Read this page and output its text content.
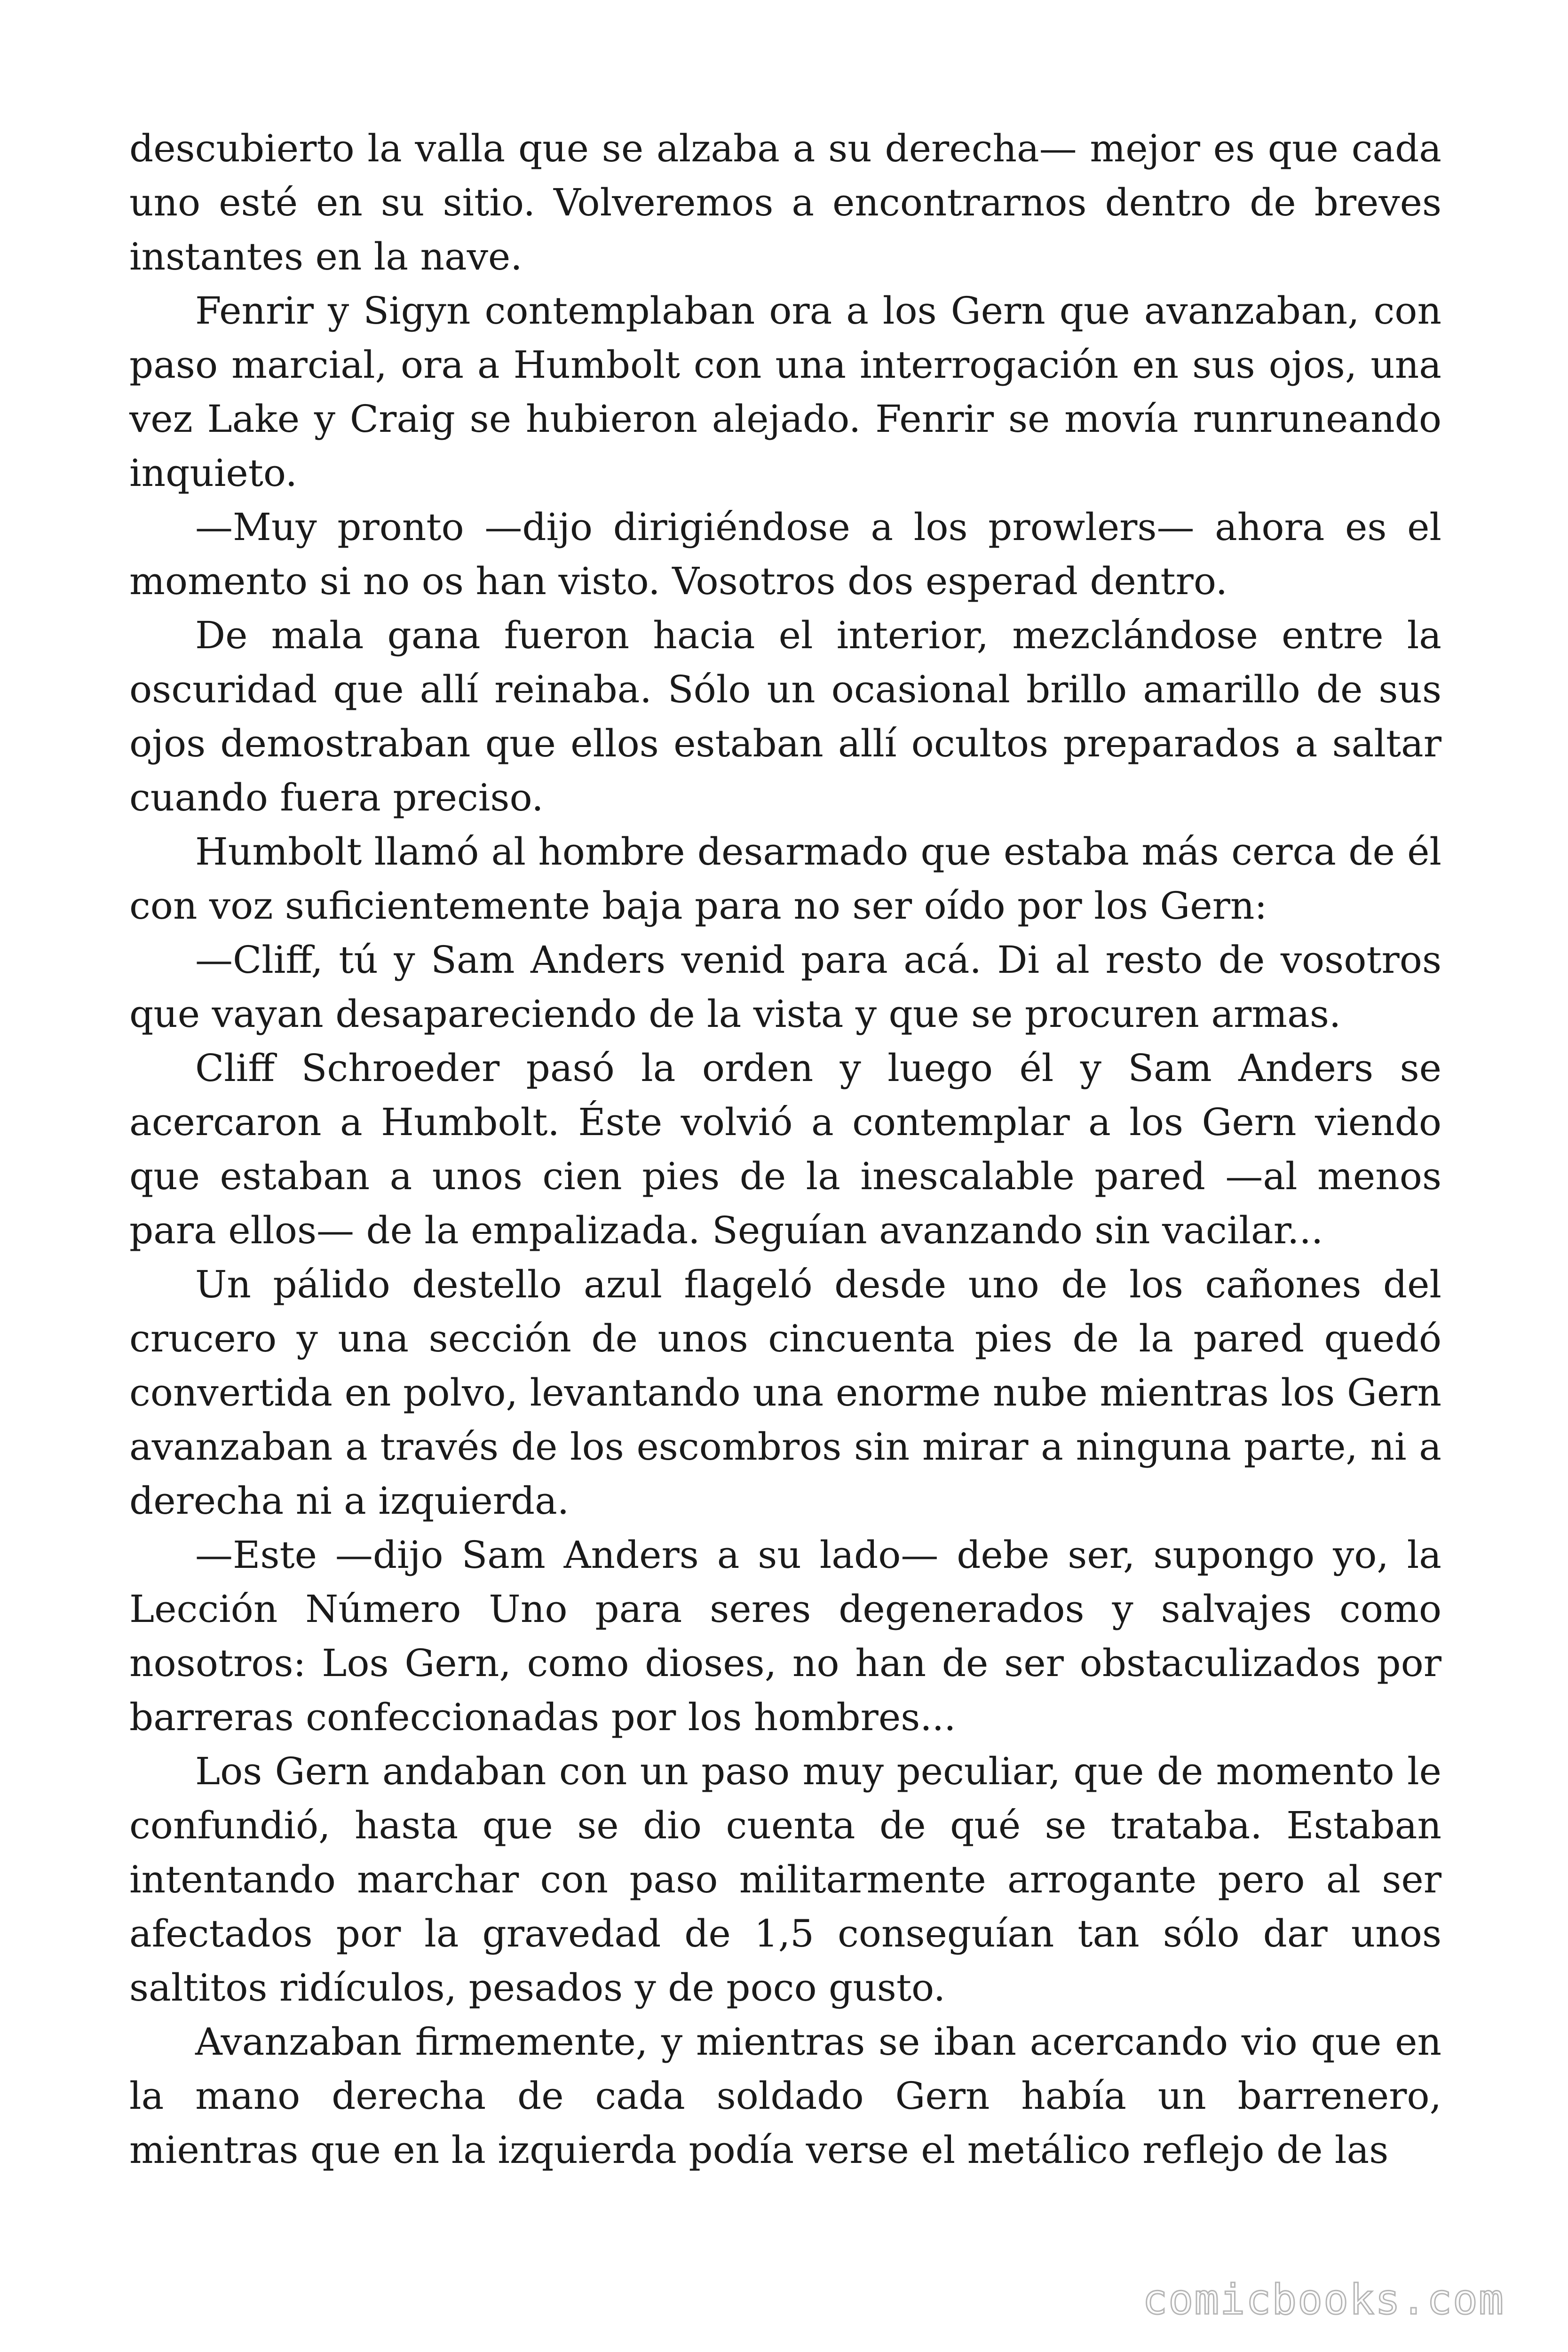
descubierto la valla que se alzaba a su derecha— mejor es que cada uno esté en su sitio. Volveremos a encontrarnos dentro de breves instantes en la nave.

Fenrir y Sigyn contemplaban ora a los Gern que avanzaban, con paso marcial, ora a Humbolt con una interrogación en sus ojos, una vez Lake y Craig se hubieron alejado. Fenrir se movía runruneando inquieto.

—Muy pronto —dijo dirigiéndose a los prowlers— ahora es el momento si no os han visto. Vosotros dos esperad dentro.

De mala gana fueron hacia el interior, mezclándose entre la oscuridad que allí reinaba. Sólo un ocasional brillo amarillo de sus ojos demostraban que ellos estaban allí ocultos preparados a saltar cuando fuera preciso.

Humbolt llamó al hombre desarmado que estaba más cerca de él con voz suficientemente baja para no ser oído por los Gern:

—Cliff, tú y Sam Anders venid para acá. Di al resto de vosotros que vayan desapareciendo de la vista y que se procuren armas.

Cliff Schroeder pasó la orden y luego él y Sam Anders se acercaron a Humbolt. Éste volvió a contemplar a los Gern viendo que estaban a unos cien pies de la inescalable pared —al menos para ellos— de la empalizada. Seguían avanzando sin vacilar...

Un pálido destello azul flageló desde uno de los cañones del crucero y una sección de unos cincuenta pies de la pared quedó convertida en polvo, levantando una enorme nube mientras los Gern avanzaban a través de los escombros sin mirar a ninguna parte, ni a derecha ni a izquierda.

—Este —dijo Sam Anders a su lado— debe ser, supongo yo, la Lección Número Uno para seres degenerados y salvajes como nosotros: Los Gern, como dioses, no han de ser obstaculizados por barreras confeccionadas por los hombres...

Los Gern andaban con un paso muy peculiar, que de momento le confundió, hasta que se dio cuenta de qué se trataba. Estaban intentando marchar con paso militarmente arrogante pero al ser afectados por la gravedad de 1,5 conseguían tan sólo dar unos saltitos ridículos, pesados y de poco gusto.

Avanzaban firmemente, y mientras se iban acercando vio que en la mano derecha de cada soldado Gern había un barrenero, mientras que en la izquierda podía verse el metálico reflejo de las

comicbooks.com
